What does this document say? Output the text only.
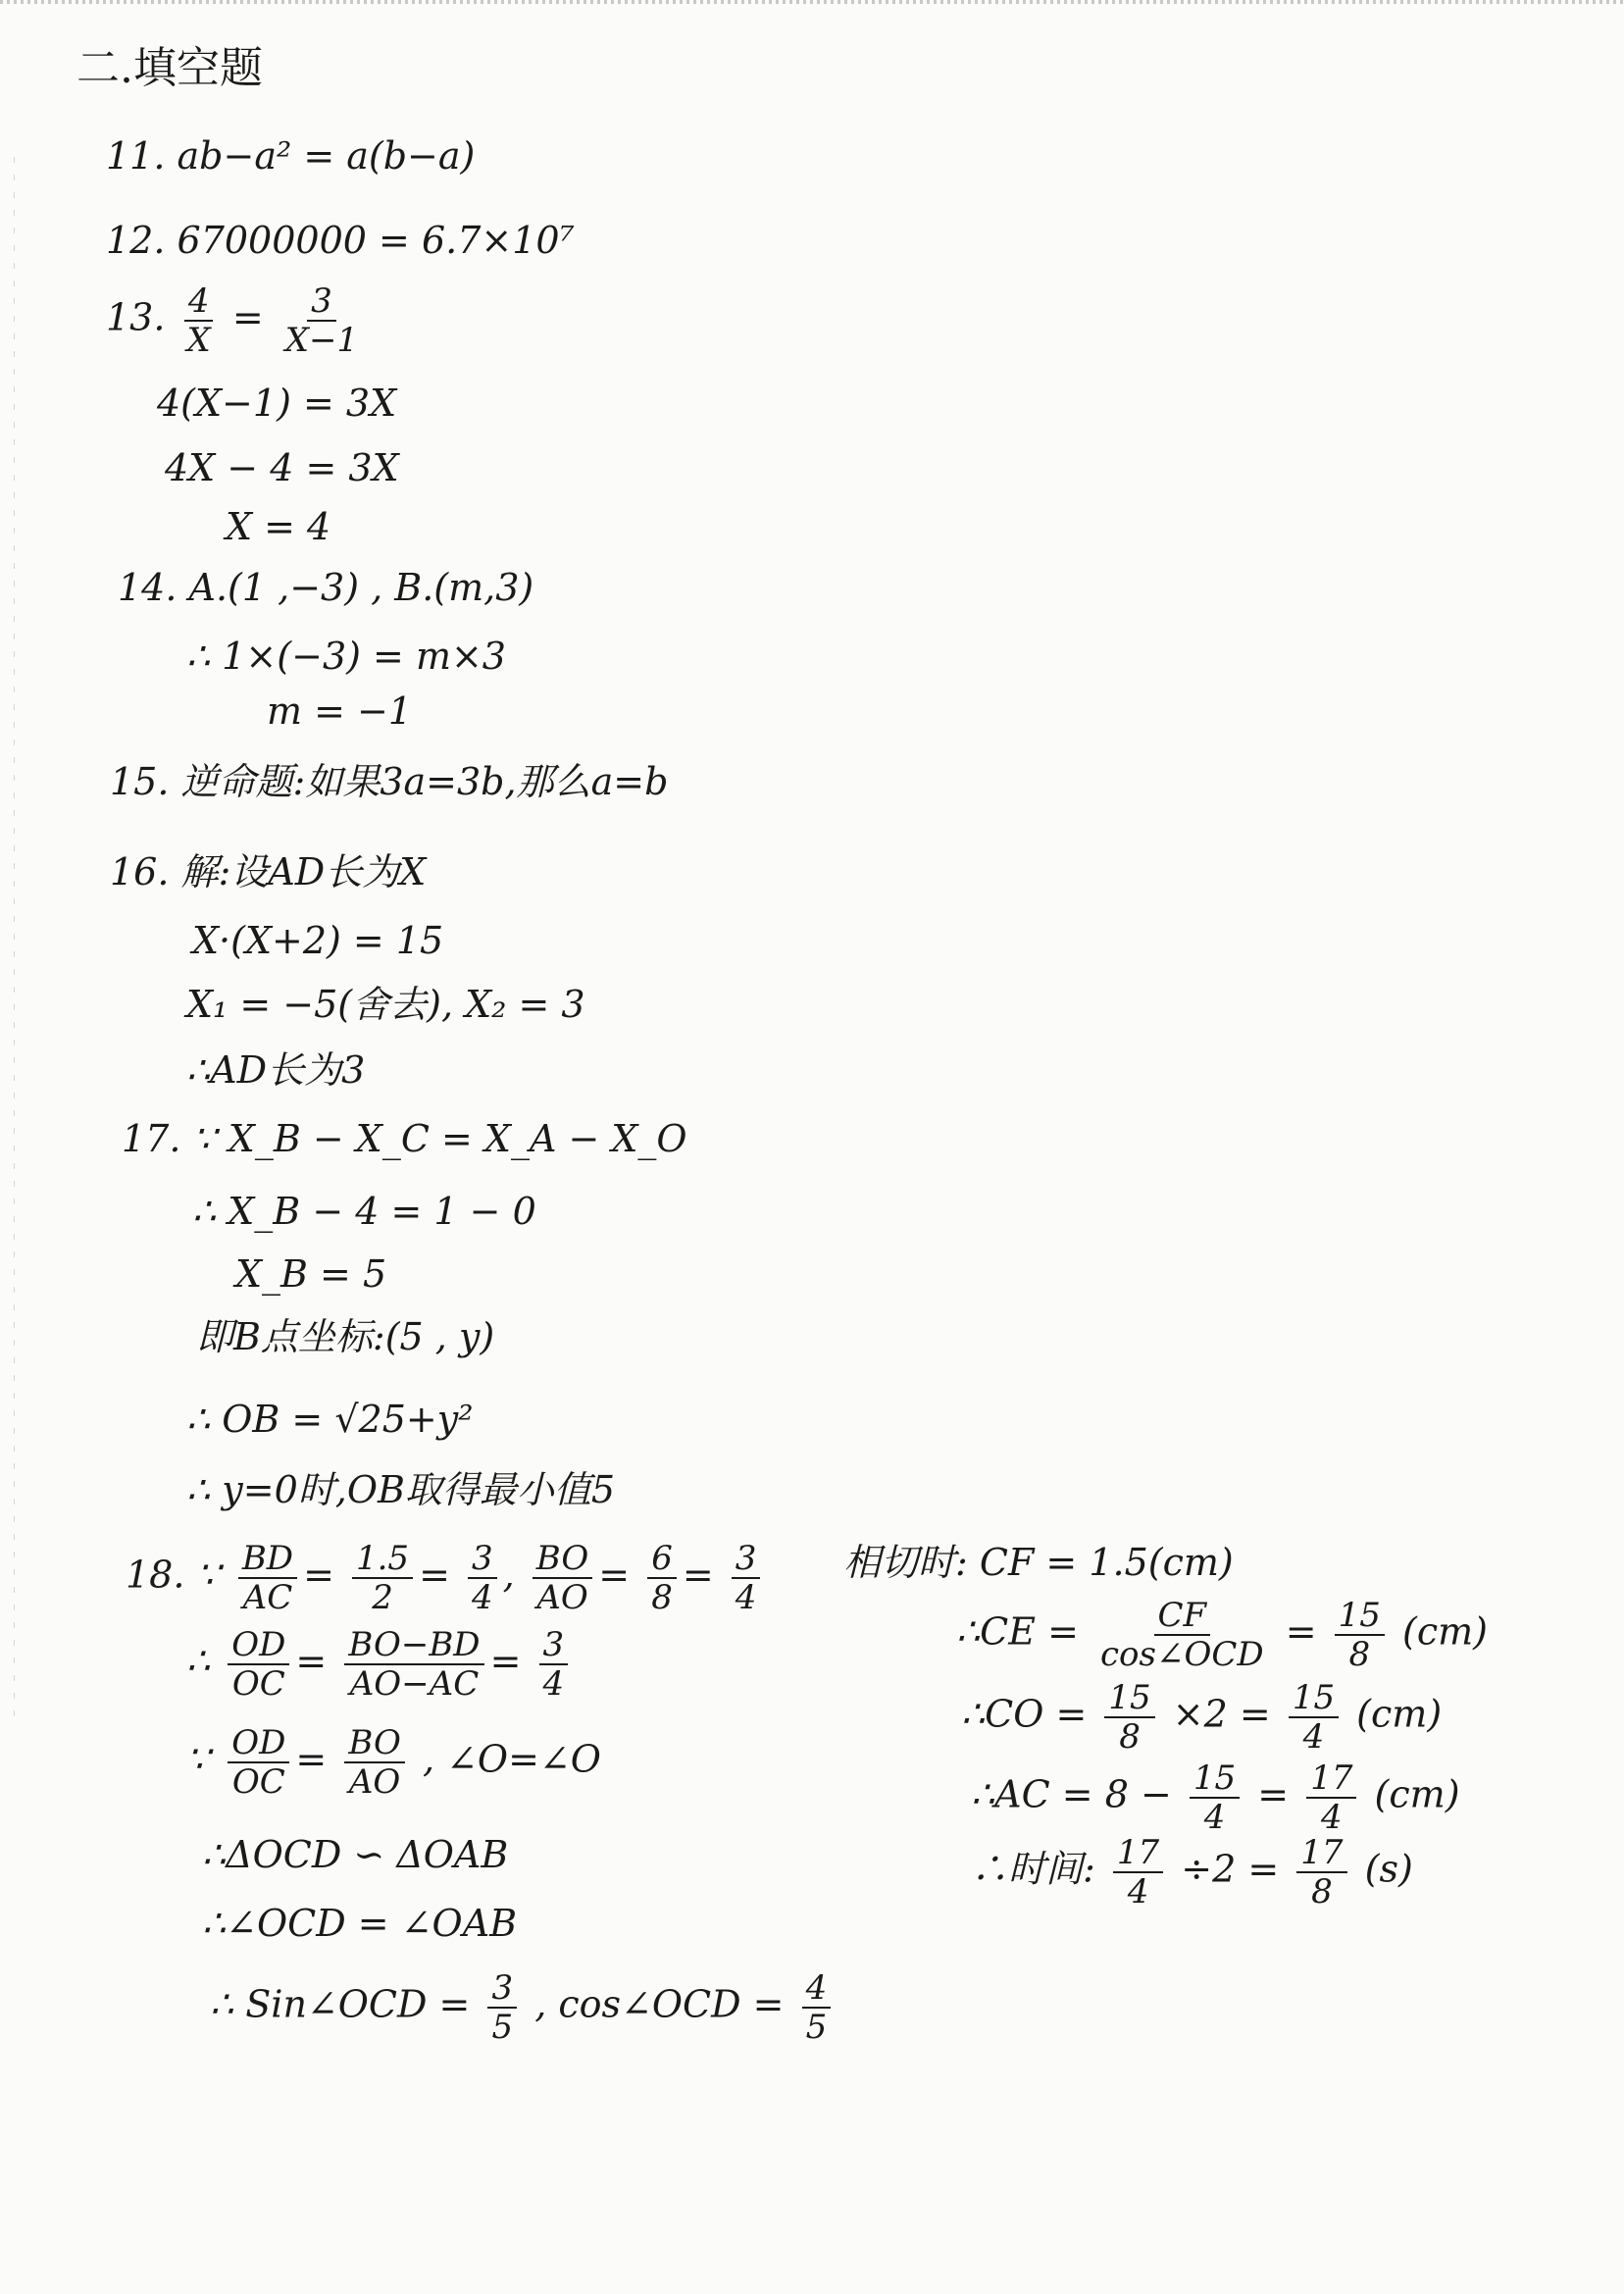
二.填空题
11. ab−a² = a(b−a)
12. 67000000 = 6.7×10⁷
13. $\frac{4}{X} = \frac{3}{X-1}$
4(X−1) = 3X
4X − 4 = 3X
X = 4
14. A.(1 ,−3) , B.(m,3)
∴ 1×(−3) = m×3
m = −1
15. 逆命题:如果3a=3b,那么a=b
16. 解:设AD长为X
X·(X+2) = 15
X₁ = −5(舍去), X₂ = 3
∴AD长为3
17. ∵ X_B − X_C = X_A − X_O
∴ X_B − 4 = 1 − 0
X_B = 5
即B点坐标:(5 , y)
∴ OB = √25+y²
∴ y=0时,OB取得最小值5
18. ∵ $\frac{BD}{AC} = \frac{1.5}{2} = \frac{3}{4}$ , $\frac{BO}{AO} = \frac{6}{8} = \frac{3}{4}$
∴ $\frac{OD}{OC} = \frac{BO-BD}{AO-AC} = \frac{3}{4}$
∵ $\frac{OD}{OC} = \frac{BO}{AO}$ , ∠O=∠O
∴ΔOCD ∽ ΔOAB
∴∠OCD = ∠OAB
∴ Sin∠OCD = $\frac{3}{5}$ , cos∠OCD = $\frac{4}{5}$
相切时: CF = 1.5(cm)
∴CE = $\frac{CF}{\text{cos∠OCD}} = \frac{15}{8} (cm)$
∴CO = $\frac{15}{8} \times 2 = \frac{15}{4} (cm)$
∴AC = $8 - \frac{15}{4} = \frac{17}{4} (cm)$
∴时间: $\frac{17}{4} \div 2 = \frac{17}{8} (s)$
